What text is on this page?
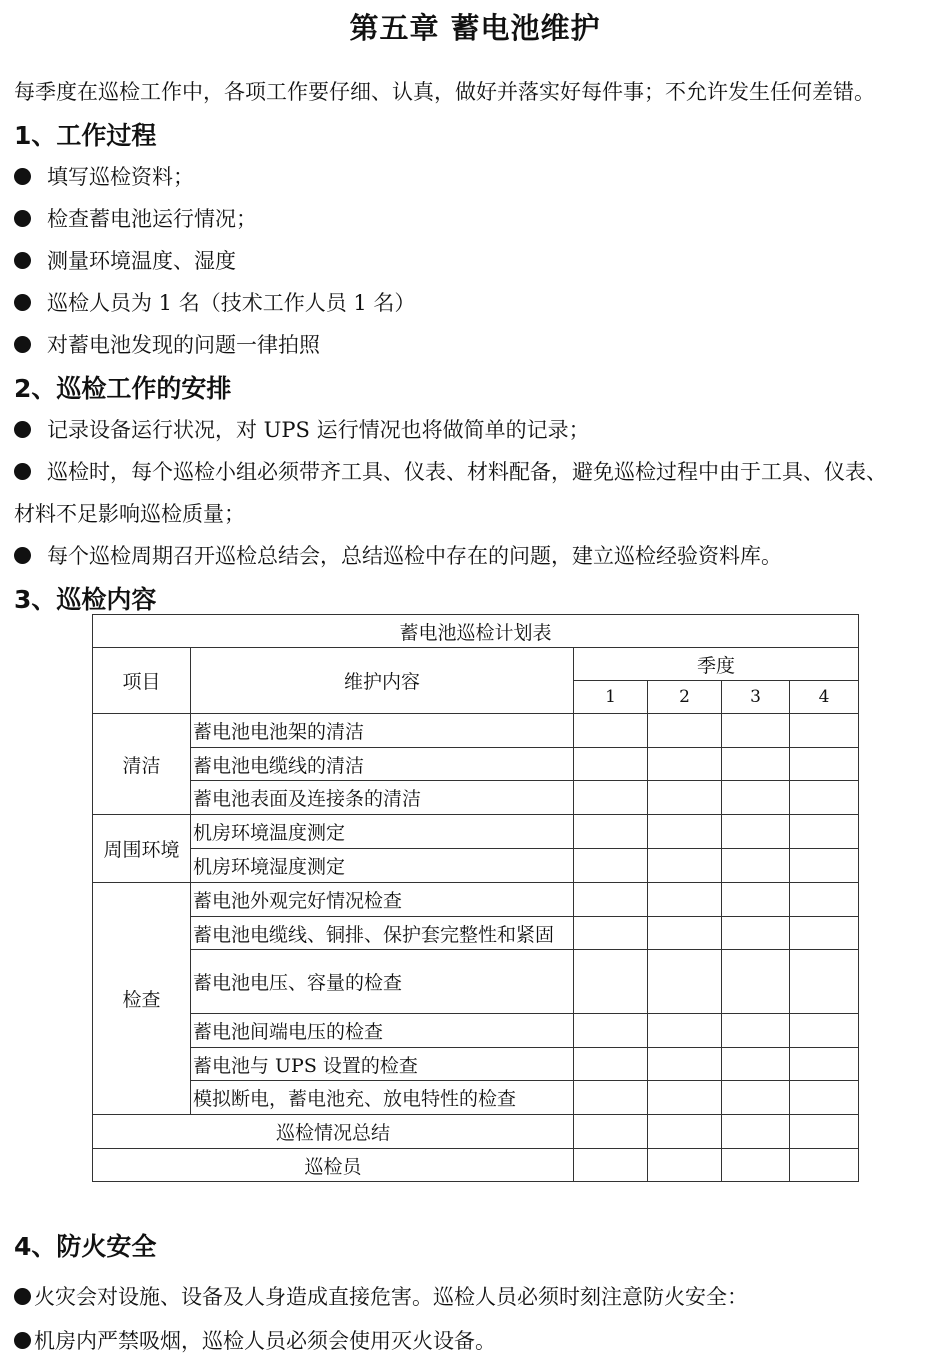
第五章 蓄电池维护
每季度在巡检工作中，各项工作要仔细、认真，做好并落实好每件事；不允许发生任何差错。
1、工作过程
填写巡检资料；
检查蓄电池运行情况；
测量环境温度、湿度
巡检人员为 1 名（技术工作人员 1 名）
对蓄电池发现的问题一律拍照
2、巡检工作的安排
记录设备运行状况，对 UPS 运行情况也将做简单的记录；
巡检时，每个巡检小组必须带齐工具、仪表、材料配备，避免巡检过程中由于工具、仪表、
材料不足影响巡检质量；
每个巡检周期召开巡检总结会，总结巡检中存在的问题，建立巡检经验资料库。
3、巡检内容
蓄电池巡检计划表					
项目	维护内容	季度			
		1	2	3	4
清洁	蓄电池电池架的清洁				
	蓄电池电缆线的清洁				
	蓄电池表面及连接条的清洁				
周围环境	机房环境温度测定				
	机房环境湿度测定				
检查	蓄电池外观完好情况检查				
	蓄电池电缆线、铜排、保护套完整性和紧固				
	蓄电池电压、容量的检查				
	蓄电池间端电压的检查				
	蓄电池与 UPS 设置的检查				
	模拟断电，蓄电池充、放电特性的检查				
巡检情况总结					
巡检员					
4、防火安全
火灾会对设施、设备及人身造成直接危害。巡检人员必须时刻注意防火安全：
机房内严禁吸烟，巡检人员必须会使用灭火设备。
